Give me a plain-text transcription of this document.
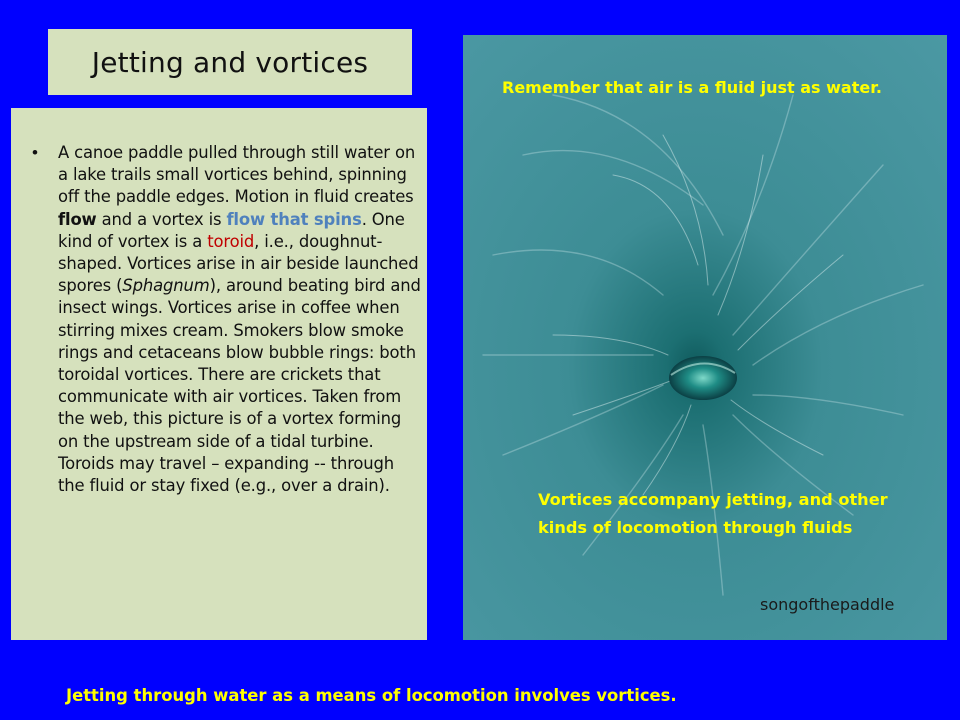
Jetting and vortices
• A canoe paddle pulled through still water on a lake trails small vortices behind, spinning off the paddle edges. Motion in fluid creates flow and a vortex is flow that spins. One kind of vortex is a toroid, i.e., doughnut-shaped. Vortices arise in air beside launched spores (Sphagnum), around beating bird and insect wings. Vortices arise in coffee when stirring mixes cream. Smokers blow smoke rings and cetaceans blow bubble rings: both toroidal vortices. There are crickets that communicate with air vortices. Taken from the web, this picture is of a vortex forming on the upstream side of a tidal turbine. Toroids may travel – expanding -- through the fluid or stay fixed (e.g., over a drain).
Remember that air is a fluid just as water.
Vortices accompany jetting, and other kinds of locomotion through fluids
songofthepaddle
Jetting through water as a means of locomotion involves vortices.
